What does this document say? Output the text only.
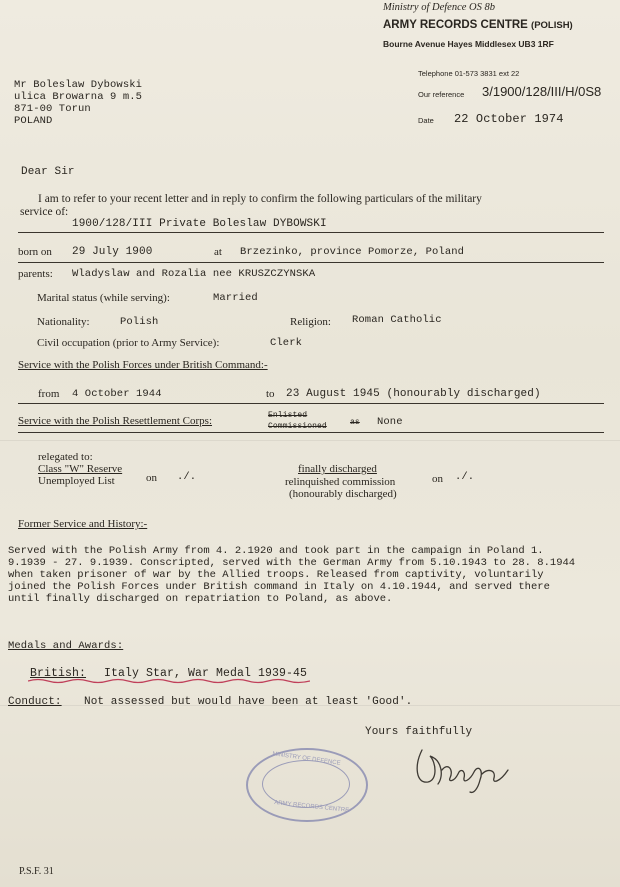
Ministry of Defence OS 8b
ARMY RECORDS CENTRE (POLISH)
Bourne Avenue Hayes Middlesex UB3 1RF
Telephone 01-573 3831 ext 22
Our reference 3/1900/128/III/H/0S8
Date 22 October 1974
Mr Boleslaw Dybowski
ulica Browarna 9 m.5
871-00 Torun
POLAND
Dear Sir
I am to refer to your recent letter and in reply to confirm the following particulars of the military
service of:
1900/128/III Private Boleslaw DYBOWSKI
born on 29 July 1900	at Brzezinko, province Pomorze, Poland
parents: Wladyslaw and Rozalia nee KRUSZCZYNSKA
Marital status (while serving):	Married
Nationality:	Polish	Religion: Roman Catholic
Civil occupation (prior to Army Service):	Clerk
Service with the Polish Forces under British Command:-
from 4 October 1944	to 23 August 1945 (honourably discharged)
Service with the Polish Resettlement Corps:	Enlisted
Commissioned	as None
relegated to:
Class "W" Reserve
Unemployed List	on ./.
finally discharged
relinquished commission
(honourably discharged)
on ./.
Former Service and History:-
Served with the Polish Army from 4. 2.1920 and took part in the campaign in Poland 1. 9.1939 - 27. 9.1939. Conscripted, served with the German Army from 5.10.1943 to 28. 8.1944 when taken prisoner of war by the Allied troops. Released from captivity, voluntarily joined the Polish Forces under British command in Italy on 4.10.1944, and served there until finally discharged on repatriation to Poland, as above.
Medals and Awards:
British: Italy Star, War Medal 1939-45
Conduct: Not assessed but would have been at least 'Good'.
Yours faithfully
MINISTRY OF DEFENCE
ARMY RECORDS CENTRE
P.S.F. 31
